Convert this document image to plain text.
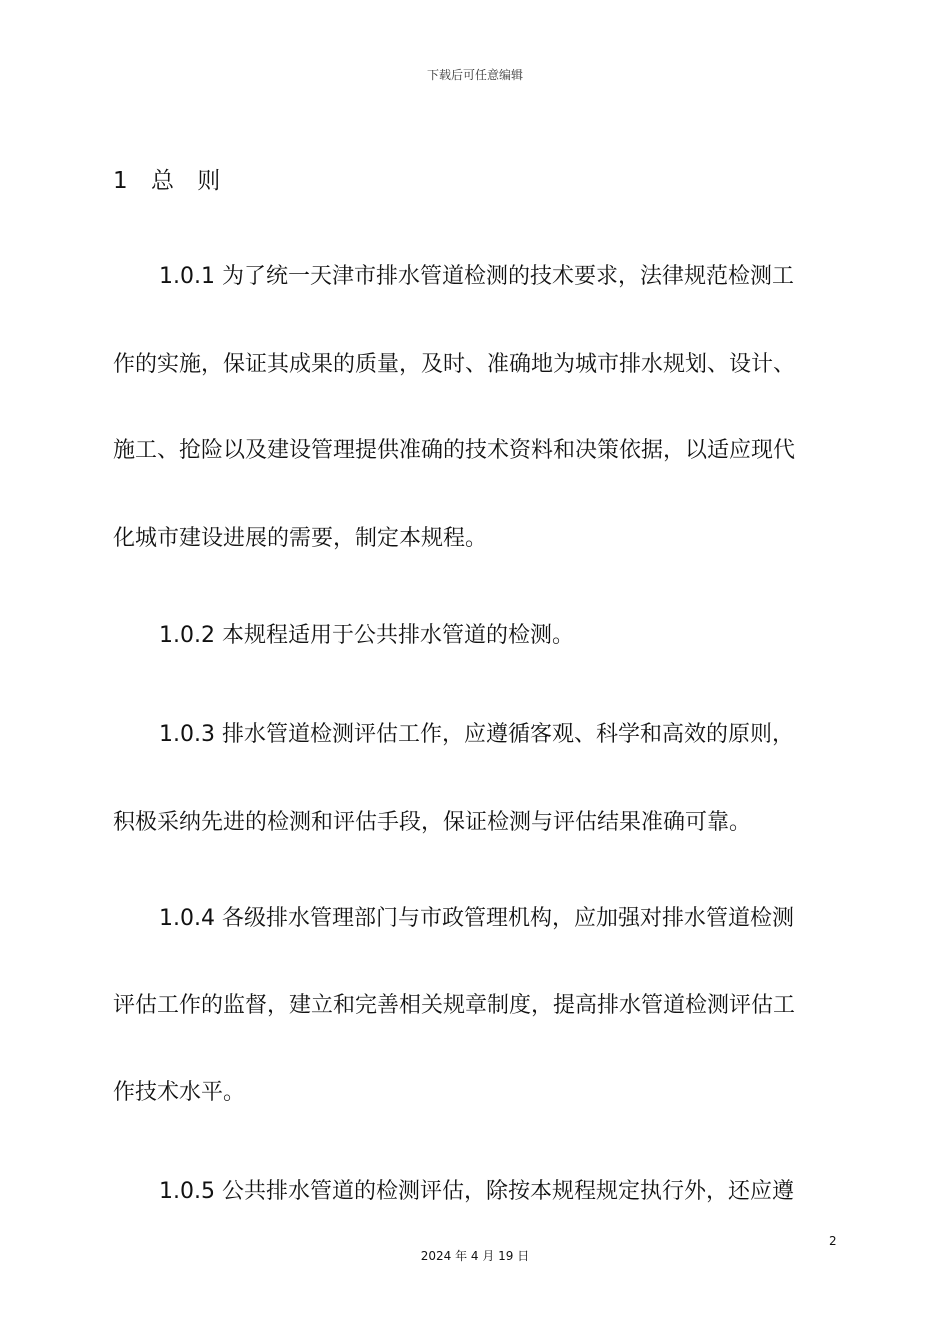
下载后可任意编辑
1 总 则
1.0.1 为了统一天津市排水管道检测的技术要求，法律规范检测工
作的实施，保证其成果的质量，及时、准确地为城市排水规划、设计、
施工、抢险以及建设管理提供准确的技术资料和决策依据，以适应现代
化城市建设进展的需要，制定本规程。
1.0.2 本规程适用于公共排水管道的检测。
1.0.3 排水管道检测评估工作，应遵循客观、科学和高效的原则，
积极采纳先进的检测和评估手段，保证检测与评估结果准确可靠。
1.0.4 各级排水管理部门与市政管理机构，应加强对排水管道检测
评估工作的监督，建立和完善相关规章制度，提高排水管道检测评估工
作技术水平。
1.0.5 公共排水管道的检测评估，除按本规程规定执行外，还应遵
2
2024 年 4 月 19 日
